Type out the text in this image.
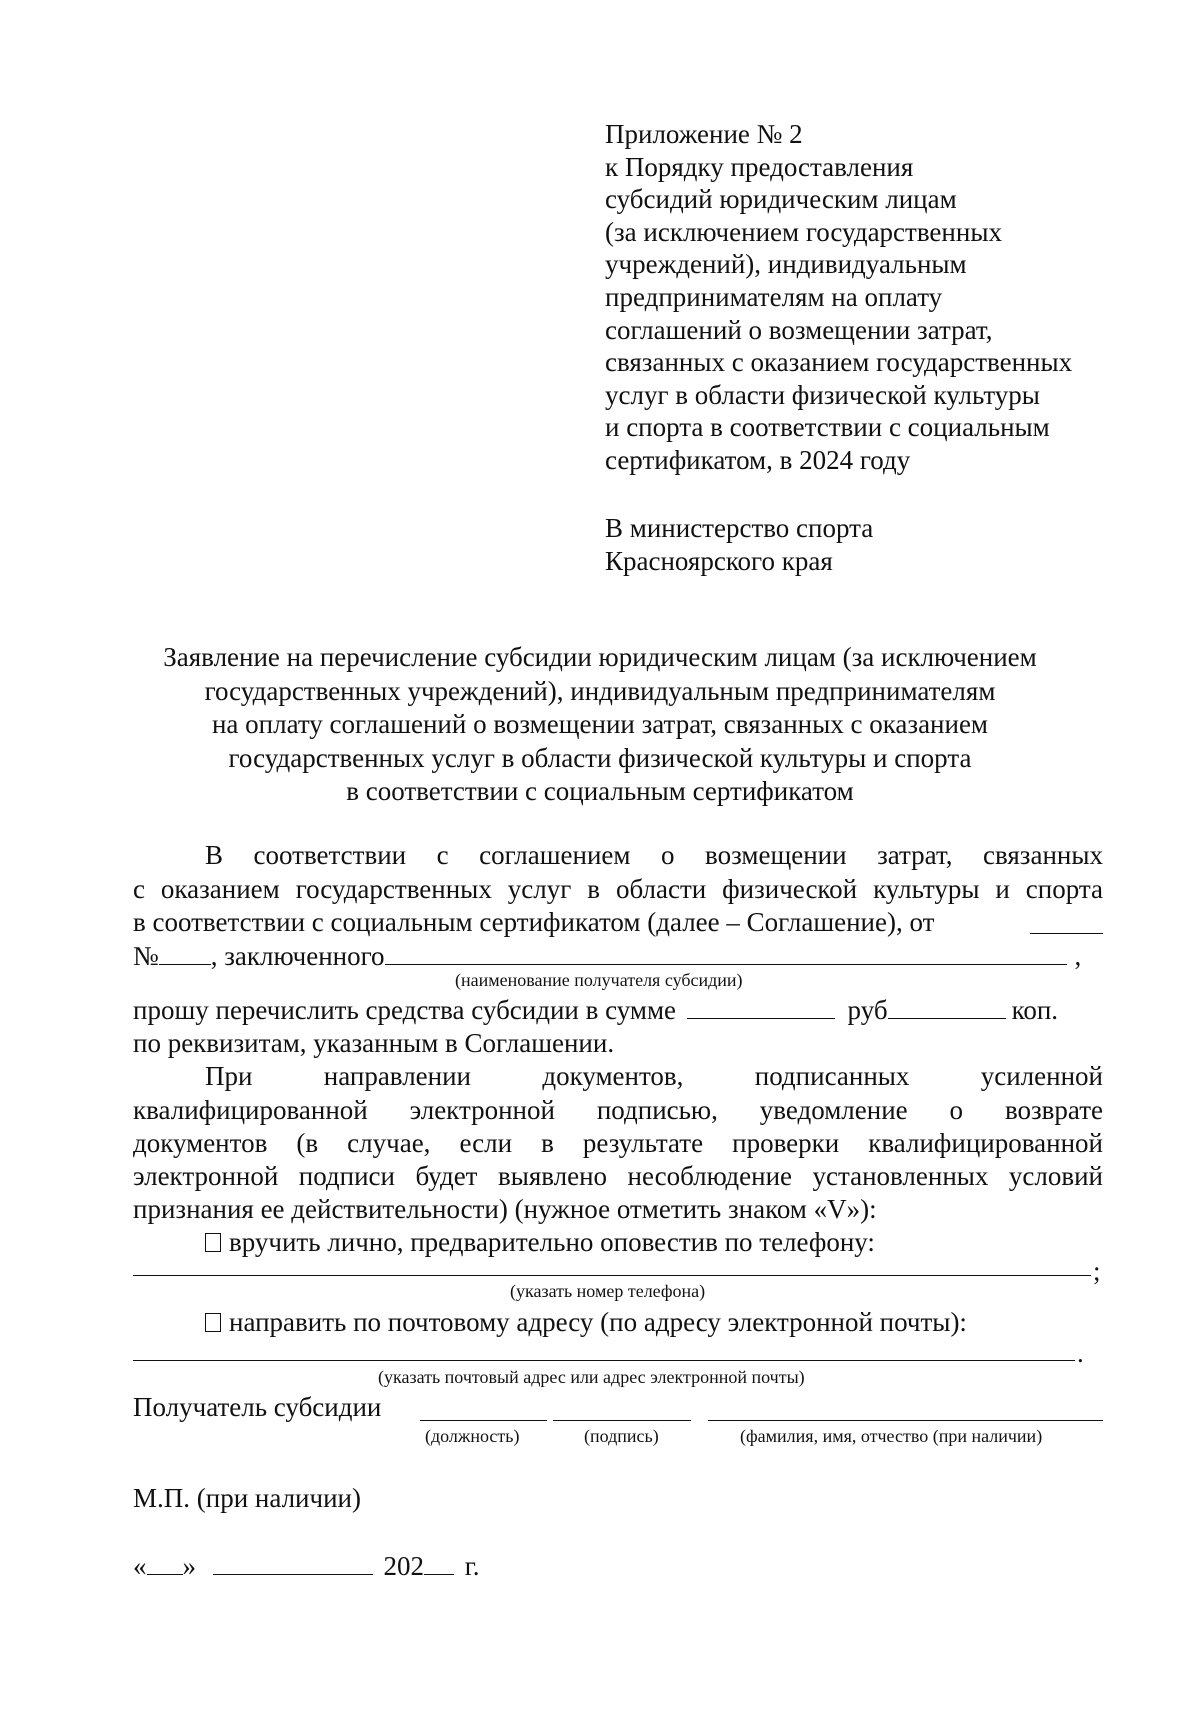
Приложение № 2
к Порядку предоставления
субсидий юридическим лицам
(за исключением государственных
учреждений), индивидуальным
предпринимателям на оплату
соглашений о возмещении затрат,
связанных с оказанием государственных
услуг в области физической культуры
и спорта в соответствии с социальным
сертификатом, в 2024 году
В министерство спорта
Красноярского края
Заявление на перечисление субсидии юридическим лицам (за исключением
государственных учреждений), индивидуальным предпринимателям
на оплату соглашений о возмещении затрат, связанных с оказанием
государственных услуг в области физической культуры и спорта
в соответствии с социальным сертификатом
В соответствии с соглашением о возмещении затрат, связанных
с оказанием государственных услуг в области физической культуры и спорта
в соответствии с социальным сертификатом (далее – Соглашение), от
№ , заключенного	,
(наименование получателя субсидии)
прошу перечислить средства субсидии в сумме	руб	коп.
по реквизитам, указанным в Соглашении.
При направлении документов, подписанных усиленной
квалифицированной электронной подписью, уведомление о возврате
документов (в случае, если в результате проверки квалифицированной
электронной подписи будет выявлено несоблюдение установленных условий
признания ее действительности) (нужное отметить знаком «V»):
вручить лично, предварительно оповестив по телефону:
;
(указать номер телефона)
направить по почтовому адресу (по адресу электронной почты):
.
(указать почтовый адрес или адрес электронной почты)
Получатель субсидии
(должность)	(подпись)	(фамилия, имя, отчество (при наличии)
М.П. (при наличии)
« »	202 г.
